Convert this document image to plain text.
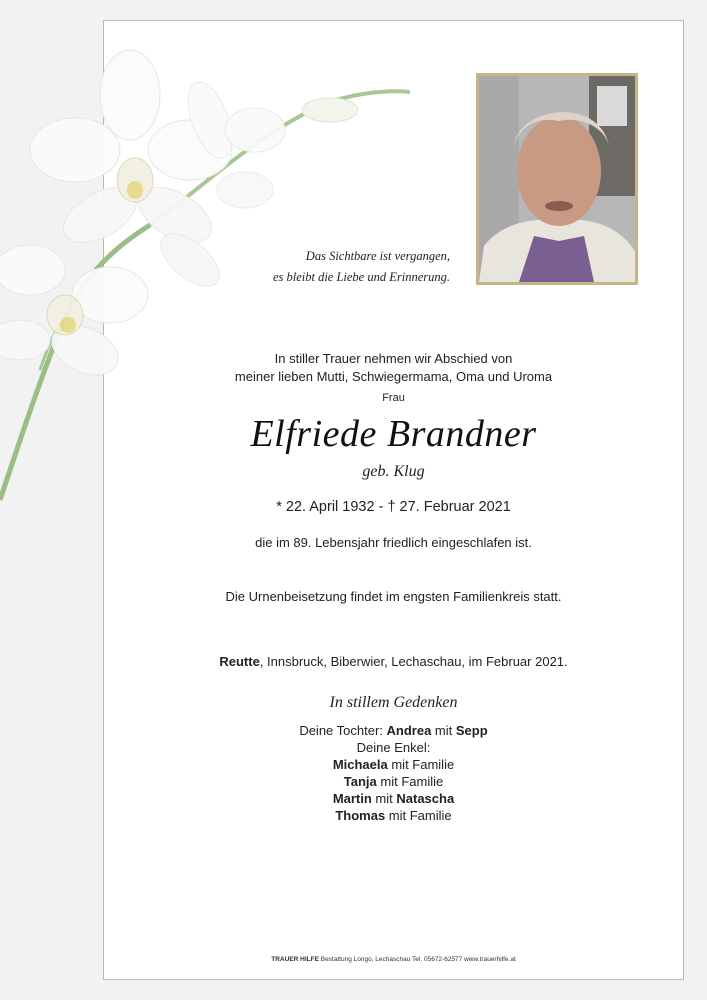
Das Sichtbare ist vergangen,
es bleibt die Liebe und Erinnerung.
In stiller Trauer nehmen wir Abschied von
meiner lieben Mutti, Schwiegermama, Oma und Uroma
Frau
Elfriede Brandner
geb. Klug
* 22. April 1932 - † 27. Februar 2021
die im 89. Lebensjahr friedlich eingeschlafen ist.
Die Urnenbeisetzung findet im engsten Familienkreis statt.
Reutte, Innsbruck, Biberwier, Lechaschau, im Februar 2021.
In stillem Gedenken
Deine Tochter: Andrea mit Sepp
Deine Enkel:
Michaela mit Familie
Tanja mit Familie
Martin mit Natascha
Thomas mit Familie
TRAUER HILFE Bestattung Longo, Lechaschau Tel. 05672-62577 www.trauerhilfe.at
